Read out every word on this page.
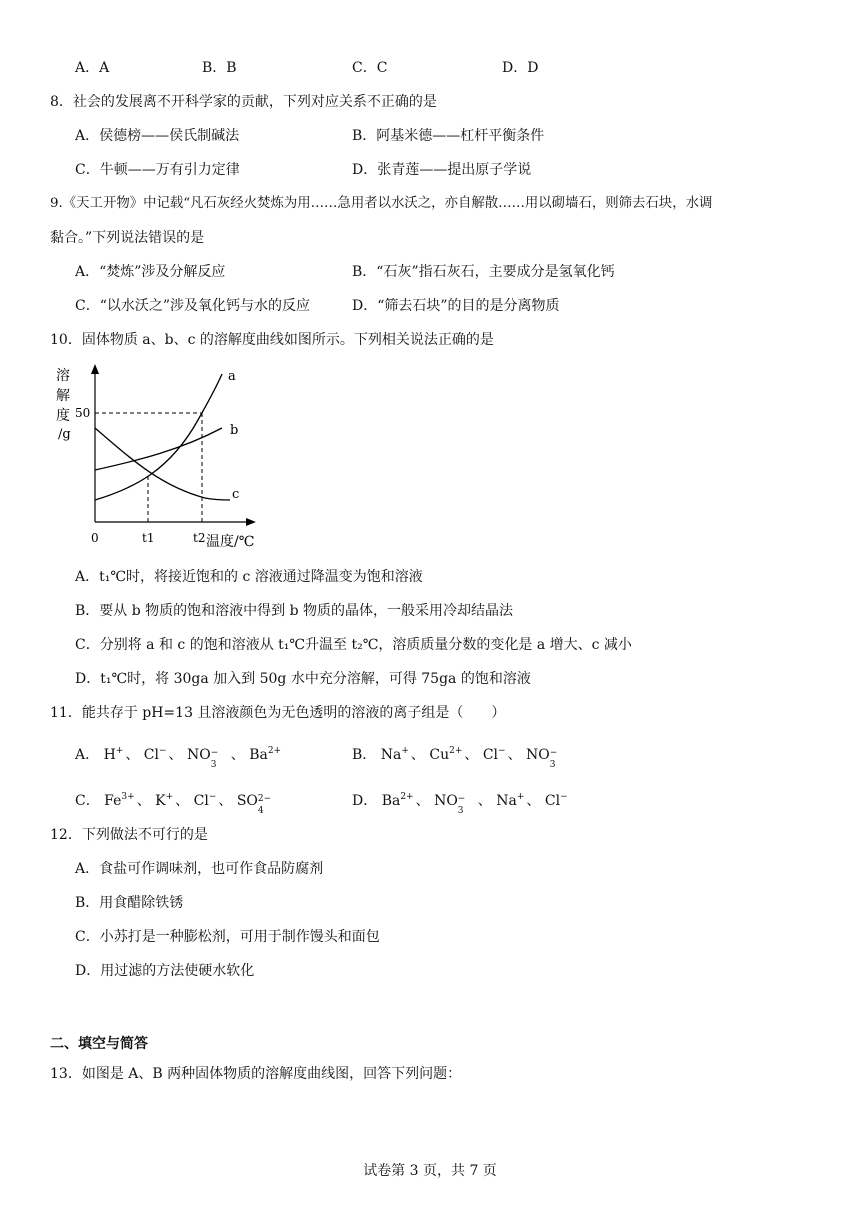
A．A	B．B	C．C	D．D
8．社会的发展离不开科学家的贡献，下列对应关系不正确的是
A．侯德榜——侯氏制碱法	B．阿基米德——杠杆平衡条件
C．牛顿——万有引力定律	D．张青莲——提出原子学说
9.《天工开物》中记载“凡石灰经火焚炼为用……急用者以水沃之，亦自解散……用以砌墙石，则筛去石块，水调
黏合。”下列说法错误的是
A．“焚炼”涉及分解反应	B．“石灰”指石灰石，主要成分是氢氧化钙
C．“以水沃之”涉及氧化钙与水的反应	D．“筛去石块”的目的是分离物质
10．固体物质 a、b、c 的溶解度曲线如图所示。下列相关说法正确的是
溶
解
度
/g
50
0	t1	t2 温度/℃
a
b
c
A．t₁℃时，将接近饱和的 c 溶液通过降温变为饱和溶液
B．要从 b 物质的饱和溶液中得到 b 物质的晶体，一般采用冷却结晶法
C．分别将 a 和 c 的饱和溶液从 t₁℃升温至 t₂℃，溶质质量分数的变化是 a 增大、c 减小
D．t₁℃时，将 30ga 加入到 50g 水中充分溶解，可得 75ga 的饱和溶液
11．能共存于 pH=13 且溶液颜色为无色透明的溶液的离子组是（　　）
A． H+ 、 Cl− 、 NO −
3
、 $Ba^{2+}$	B． Na+ 、 $Cu^{2+}$ 、 Cl− 、 NO −
3
C． $Fe^{3+}$ 、 K+ 、 Cl− 、 SO 2−
4
D． $Ba^{2+}$ 、 NO −
3
、 Na+ 、 Cl−
12．下列做法不可行的是
A．食盐可作调味剂，也可作食品防腐剂
B．用食醋除铁锈
C．小苏打是一种膨松剂，可用于制作馒头和面包
D．用过滤的方法使硬水软化
二、填空与简答
13．如图是 A、B 两种固体物质的溶解度曲线图，回答下列问题：
试卷第 3 页，共 7 页
